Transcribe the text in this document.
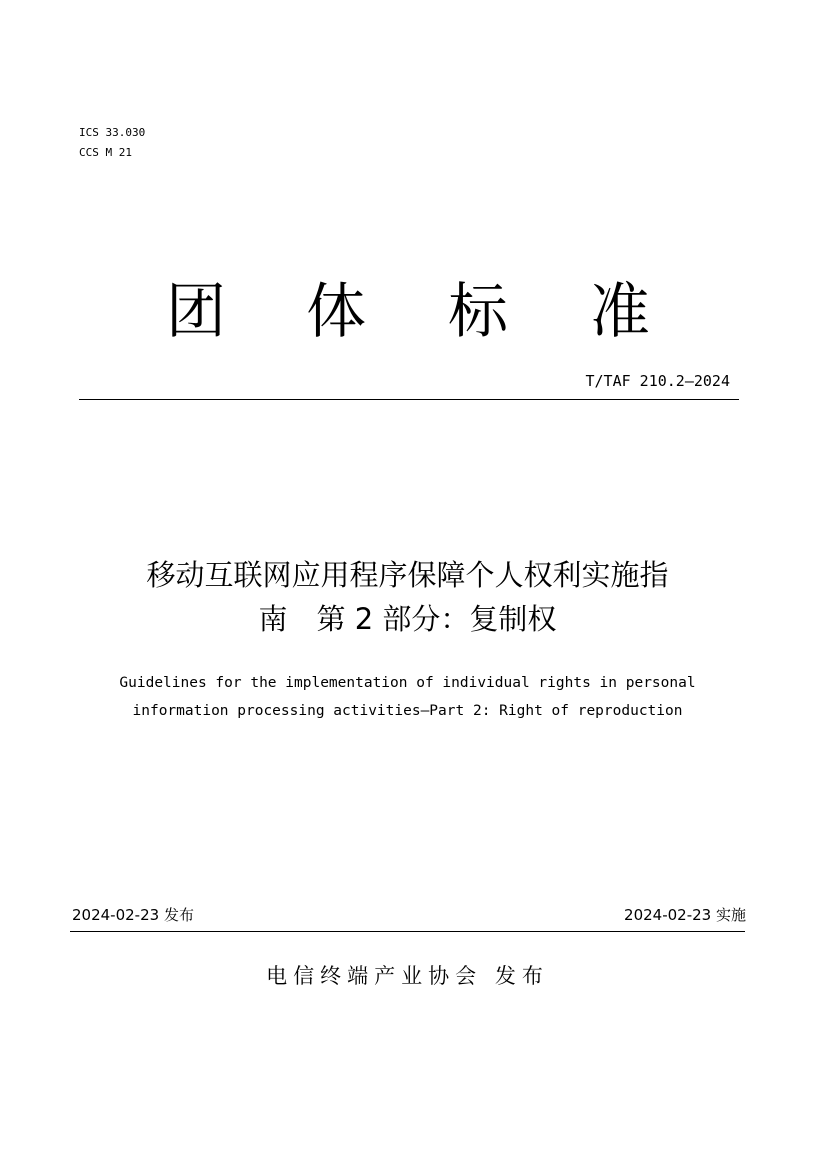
ICS 33.030
CCS M 21
团 体 标 准
T/TAF 210.2—2024
移动互联网应用程序保障个人权利实施指
南　第 2 部分：复制权
Guidelines for the implementation of individual rights in personal
information processing activities—Part 2: Right of reproduction
2024-02-23 发布	2024-02-23 实施
电信终端产业协会 发布
